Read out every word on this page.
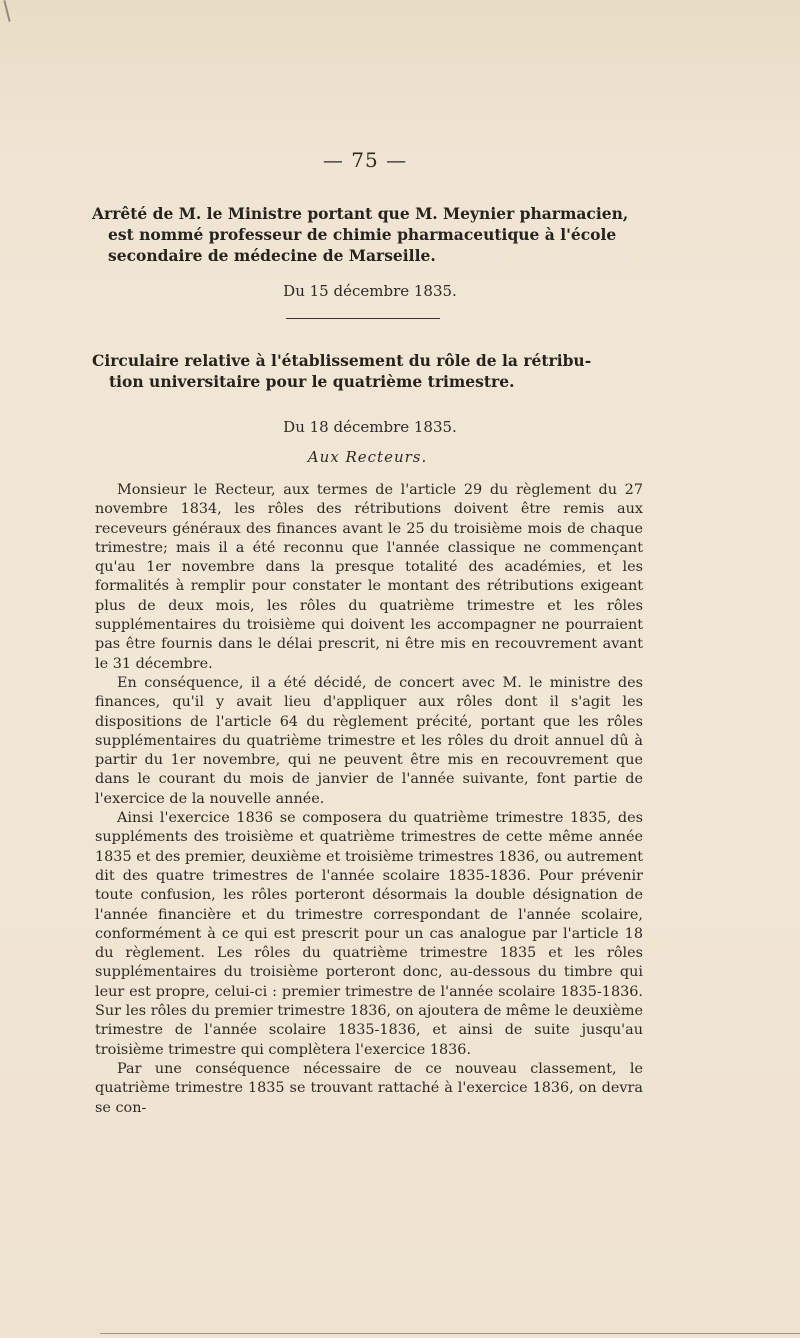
— 75 —
Arrêté de M. le Ministre portant que M. Meynier pharmacien,
est nommé professeur de chimie pharmaceutique à l'école
secondaire de médecine de Marseille.
Du 15 décembre 1835.
Circulaire relative à l'établissement du rôle de la rétribu-
tion universitaire pour le quatrième trimestre.
Du 18 décembre 1835.
Aux Recteurs.

Monsieur le Recteur, aux termes de l'article 29 du règlement du 27 novembre 1834, les rôles des rétributions doivent être remis aux receveurs généraux des finances avant le 25 du troisième mois de chaque trimestre; mais il a été reconnu que l'année classique ne commençant qu'au 1er novembre dans la presque totalité des académies, et les formalités à remplir pour constater le montant des rétributions exigeant plus de deux mois, les rôles du quatrième trimestre et les rôles supplémentaires du troisième qui doivent les accompagner ne pourraient pas être fournis dans le délai prescrit, ni être mis en recouvrement avant le 31 décembre.

En conséquence, il a été décidé, de concert avec M. le ministre des finances, qu'il y avait lieu d'appliquer aux rôles dont il s'agit les dispositions de l'article 64 du règlement précité, portant que les rôles supplémentaires du quatrième trimestre et les rôles du droit annuel dû à partir du 1er novembre, qui ne peuvent être mis en recouvrement que dans le courant du mois de janvier de l'année suivante, font partie de l'exercice de la nouvelle année.

Ainsi l'exercice 1836 se composera du quatrième trimestre 1835, des suppléments des troisième et quatrième trimestres de cette même année 1835 et des premier, deuxième et troisième trimestres 1836, ou autrement dit des quatre trimestres de l'année scolaire 1835-1836. Pour prévenir toute confusion, les rôles porteront désormais la double désignation de l'année financière et du trimestre correspondant de l'année scolaire, conformément à ce qui est prescrit pour un cas analogue par l'article 18 du règlement. Les rôles du quatrième trimestre 1835 et les rôles supplémentaires du troisième porteront donc, au-dessous du timbre qui leur est propre, celui-ci : premier trimestre de l'année scolaire 1835-1836. Sur les rôles du premier trimestre 1836, on ajoutera de même le deuxième trimestre de l'année scolaire 1835-1836, et ainsi de suite jusqu'au troisième trimestre qui complètera l'exercice 1836.

Par une conséquence nécessaire de ce nouveau classement, le quatrième trimestre 1835 se trouvant rattaché à l'exercice 1836, on devra se con-
